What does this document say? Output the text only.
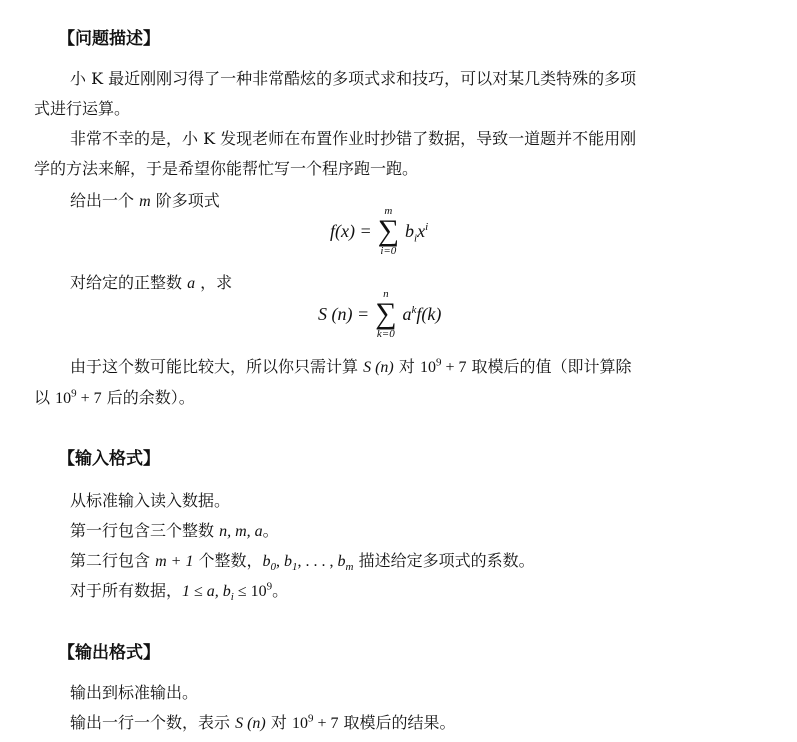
【 问题描述 】
小 K 最近刚刚习得了一种非常酷炫的多项式求和技巧，可以对某几类特殊的多项
式进行运算。
非常不幸的是，小 K 发现老师在布置作业时抄错了数据，导致一道题并不能用刚
学的方法来解，于是希望你能帮忙写一个程序跑一跑。

给出一个 m 阶多项式

f(x) =
m
∑
i=0
$b_ix^i$

对给定的正整数 a ，求

S (n) =
n
∑
k=0
$a^kf(k)$
由于这个数可能比较大，所以你只需计算 S (n) 对 $10^9 + 7$ 取模后的值（即计算除
以 $10^9 + 7$ 后的余数）。
【 输入格式 】

从标准输入读入数据。

第一行包含三个整数 n, m, a。

第二行包含 m + 1 个整数，$b_0$, $b_1$, . . . , $b_m$ 描述给定多项式的系数。

对于所有数据，1 ≤ a, $b_i \le 10^9$。

【 输出格式 】

输出到标准输出。

输出一行一个数，表示 S (n) 对 $10^9 + 7$ 取模后的结果。
